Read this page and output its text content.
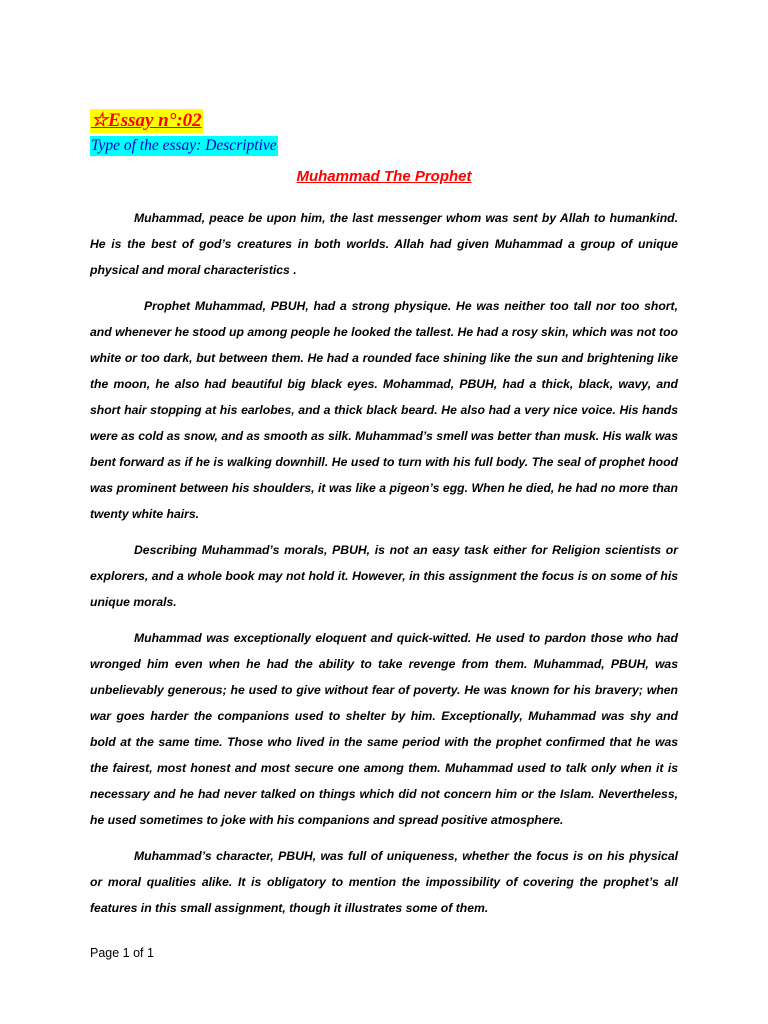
☆Essay n°:02
Type of the essay: Descriptive
Muhammad The Prophet

Muhammad, peace be upon him, the last messenger whom was sent by Allah to humankind. He is the best of god’s creatures in both worlds. Allah had given Muhammad a group of unique physical and moral characteristics .

Prophet Muhammad, PBUH, had a strong physique. He was neither too tall nor too short, and whenever he stood up among people he looked the tallest. He had a rosy skin, which was not too white or too dark, but between them. He had a rounded face shining like the sun and brightening like the moon, he also had beautiful big black eyes. Mohammad, PBUH, had a thick, black, wavy, and short hair stopping at his earlobes, and a thick black beard. He also had a very nice voice. His hands were as cold as snow, and as smooth as silk. Muhammad’s smell was better than musk. His walk was bent forward as if he is walking downhill. He used to turn with his full body. The seal of prophet hood was prominent between his shoulders, it was like a pigeon’s egg. When he died, he had no more than twenty white hairs.

Describing Muhammad’s morals, PBUH, is not an easy task either for Religion scientists or explorers, and a whole book may not hold it. However, in this assignment the focus is on some of his unique morals.

Muhammad was exceptionally eloquent and quick-witted. He used to pardon those who had wronged him even when he had the ability to take revenge from them. Muhammad, PBUH, was unbelievably generous; he used to give without fear of poverty. He was known for his bravery; when war goes harder the companions used to shelter by him. Exceptionally, Muhammad was shy and bold at the same time. Those who lived in the same period with the prophet confirmed that he was the fairest, most honest and most secure one among them. Muhammad used to talk only when it is necessary and he had never talked on things which did not concern him or the Islam. Nevertheless, he used sometimes to joke with his companions and spread positive atmosphere.

Muhammad’s character, PBUH, was full of uniqueness, whether the focus is on his physical or moral qualities alike. It is obligatory to mention the impossibility of covering the prophet’s all features in this small assignment, though it illustrates some of them.

Page 1 of 1
